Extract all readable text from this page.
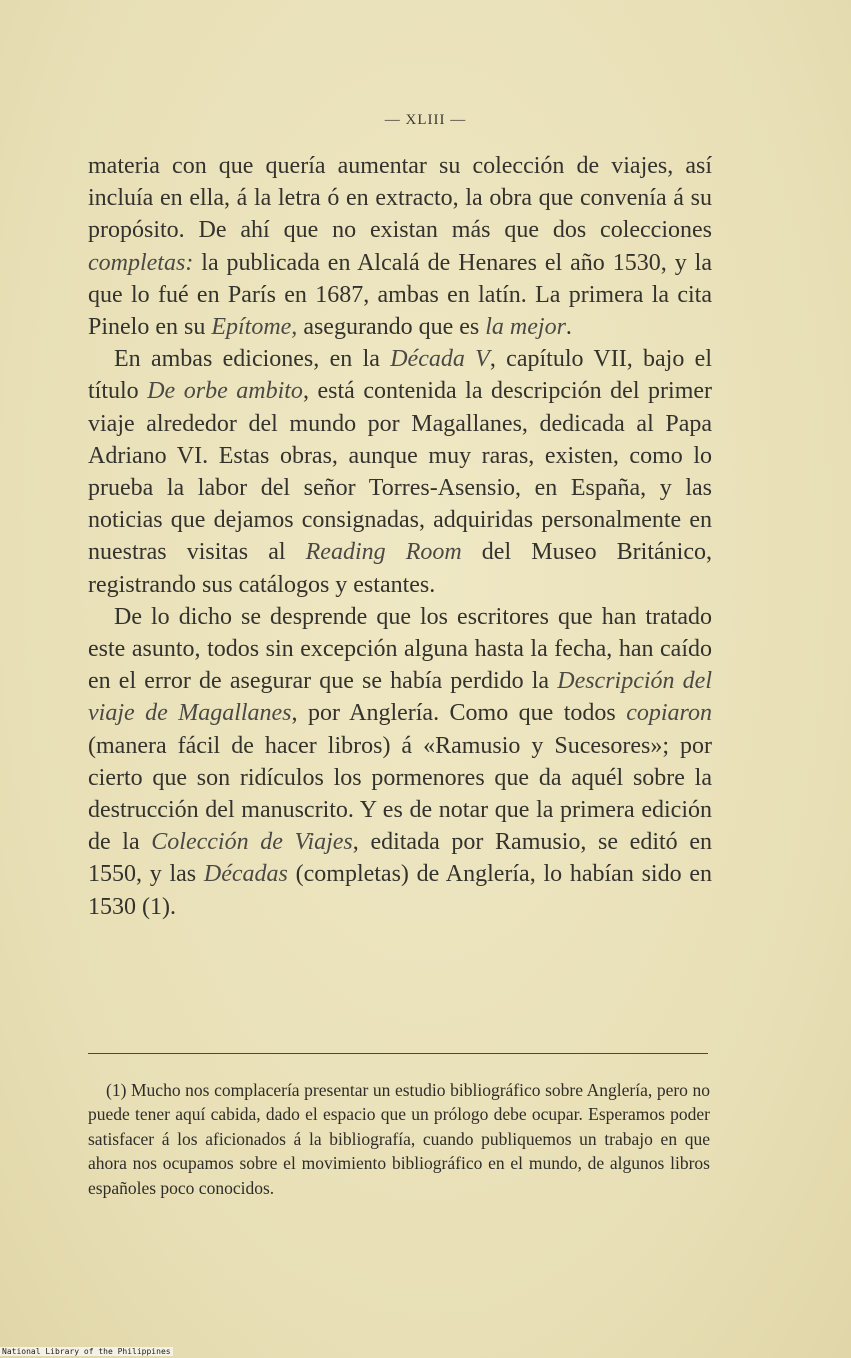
— XLIII —

materia con que quería aumentar su colección de viajes, así incluía en ella, á la letra ó en extracto, la obra que convenía á su propósito. De ahí que no existan más que dos colecciones completas: la publicada en Alcalá de Henares el año 1530, y la que lo fué en París en 1687, ambas en latín. La primera la cita Pinelo en su Epítome, asegurando que es la mejor.

En ambas ediciones, en la Década V, capítulo VII, bajo el título De orbe ambito, está contenida la descripción del primer viaje alrededor del mundo por Magallanes, dedicada al Papa Adriano VI. Estas obras, aunque muy raras, existen, como lo prueba la labor del señor Torres-Asensio, en España, y las noticias que dejamos consignadas, adquiridas personalmente en nuestras visitas al Reading Room del Museo Británico, registrando sus catálogos y estantes.

De lo dicho se desprende que los escritores que han tratado este asunto, todos sin excepción alguna hasta la fecha, han caído en el error de asegurar que se había perdido la Descripción del viaje de Magallanes, por Anglería. Como que todos copiaron (manera fácil de hacer libros) á «Ramusio y Sucesores»; por cierto que son ridículos los pormenores que da aquél sobre la destrucción del manuscrito. Y es de notar que la primera edición de la Colección de Viajes, editada por Ramusio, se editó en 1550, y las Décadas (completas) de Anglería, lo habían sido en 1530 (1).

(1) Mucho nos complacería presentar un estudio bibliográfico sobre Anglería, pero no puede tener aquí cabida, dado el espacio que un prólogo debe ocupar. Esperamos poder satisfacer á los aficionados á la bibliografía, cuando publiquemos un trabajo en que ahora nos ocupamos sobre el movimiento bibliográfico en el mundo, de algunos libros españoles poco conocidos.
National Library of the Philippines
